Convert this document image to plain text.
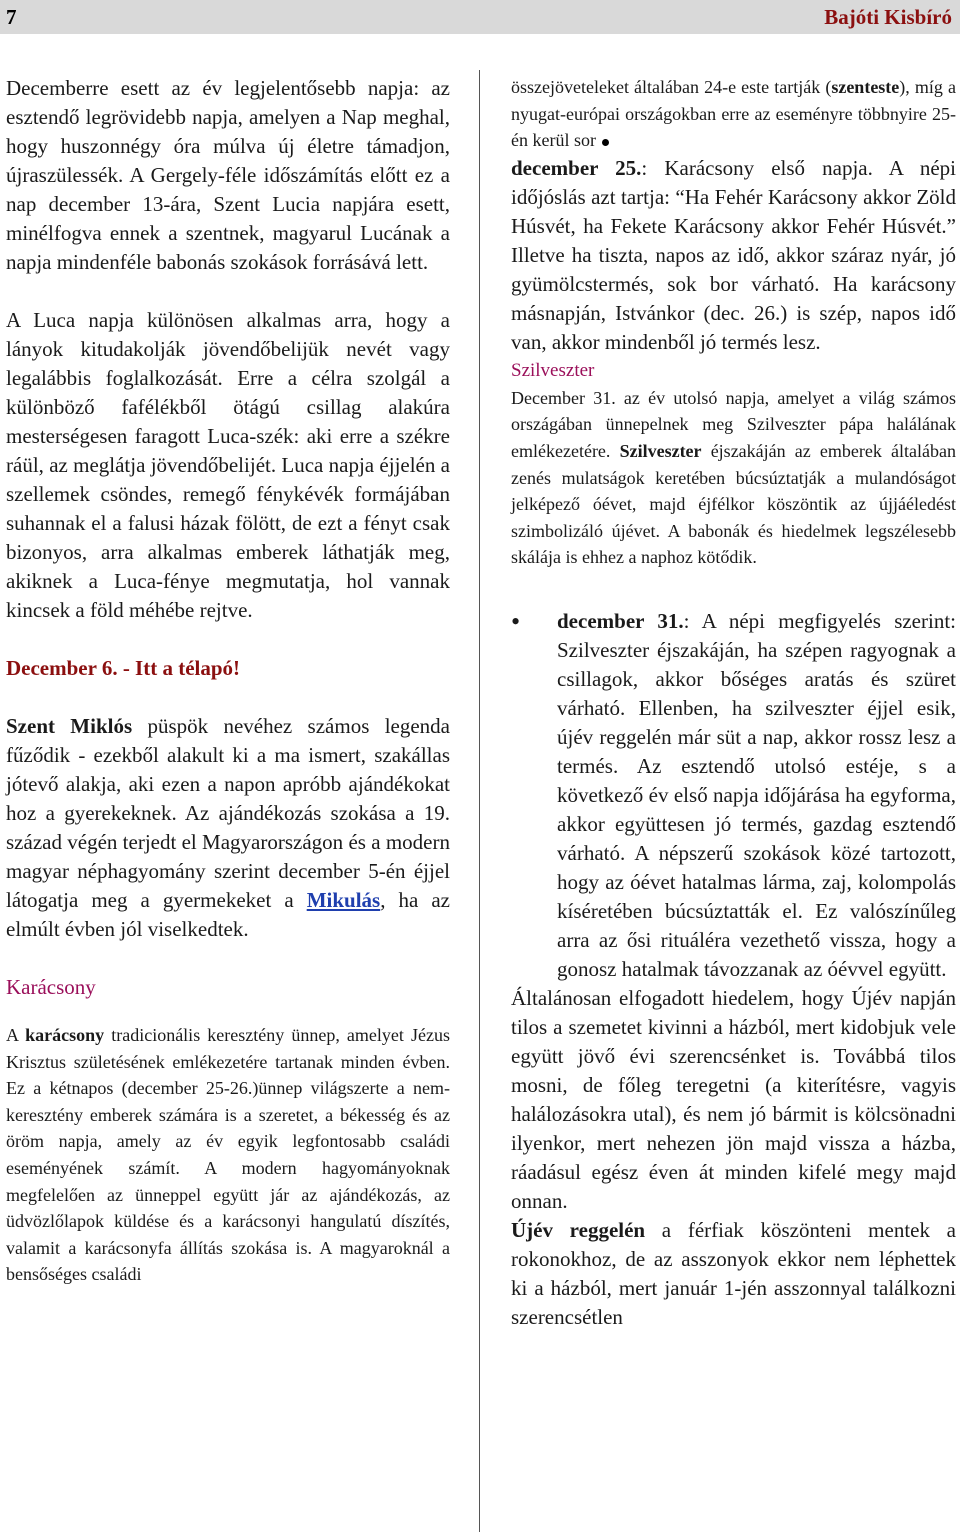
7	Bajóti Kisbíró

Decemberre esett az év legjelentősebb napja: az esztendő legrövidebb napja, amelyen a Nap meghal, hogy huszonnégy óra múlva új életre támadjon, újraszülessék. A Gergely-féle időszámítás előtt ez a nap december 13-ára, Szent Lucia napjára esett, minélfogva ennek a szentnek, magyarul Lucának a napja mindenféle babonás szokások forrásává lett.

A Luca napja különösen alkalmas arra, hogy a lányok kitudakolják jövendőbelijük nevét vagy legalábbis foglalkozását. Erre a célra szolgál a különböző fafélékből ötágú csillag alakúra mesterségesen faragott Luca-szék: aki erre a székre ráül, az meglátja jövendőbelijét. Luca napja éjjelén a szellemek csöndes, remegő fénykévék formájában suhannak el a falusi házak fölött, de ezt a fényt csak bizonyos, arra alkalmas emberek láthatják meg, akiknek a Luca-fénye megmutatja, hol vannak kincsek a föld méhébe rejtve.

December 6. - Itt a télapó!

Szent Miklós püspök nevéhez számos legenda fűződik - ezekből alakult ki a ma ismert, szakállas jótevő alakja, aki ezen a napon apróbb ajándékokat hoz a gyerekeknek. Az ajándékozás szokása a 19. század végén terjedt el Magyarországon és a modern magyar néphagyomány szerint december 5-én éjjel látogatja meg a gyermekeket a Mikulás, ha az elmúlt évben jól viselkedtek.

Karácsony

A karácsony tradicionális keresztény ünnep, amelyet Jézus Krisztus születésének emlékezetére tartanak minden évben. Ez a kétnapos (december 25-26.)ünnep világszerte a nem-keresztény emberek számára is a szeretet, a békesség és az öröm napja, amely az év egyik legfontosabb családi eseményének számít. A modern hagyományoknak megfelelően az ünneppel együtt jár az ajándékozás, az üdvözlőlapok küldése és a karácsonyi hangulatú díszítés, valamit a karácsonyfa állítás szokása is. A magyaroknál a bensőséges családi

összejöveteleket általában 24-e este tartják (szenteste), míg a nyugat-európai országokban erre az eseményre többnyire 25-én kerül sor

december 25.: Karácsony első napja. A népi időjóslás azt tartja: “Ha Fehér Karácsony akkor Zöld Húsvét, ha Fekete Karácsony akkor Fehér Húsvét.” Illetve ha tiszta, napos az idő, akkor száraz nyár, jó gyümölcstermés, sok bor várható. Ha karácsony másnapján, Istvánkor (dec. 26.) is szép, napos idő van, akkor mindenből jó termés lesz.

Szilveszter

December 31. az év utolsó napja, amelyet a világ számos országában ünnepelnek meg Szilveszter pápa halálának emlékezetére. Szilveszter éjszakáján az emberek általában zenés mulatságok keretében búcsúztatják a mulandóságot jelképező óévet, majd éjfélkor köszöntik az újjáéledést szimbolizáló újévet. A babonák és hiedelmek legszélesebb skálája is ehhez a naphoz kötődik.

• december 31.: A népi megfigyelés szerint: Szilveszter éjszakáján, ha szépen ragyognak a csillagok, akkor bőséges aratás és szüret várható. Ellenben, ha szilveszter éjjel esik, újév reggelén már süt a nap, akkor rossz lesz a termés. Az esztendő utolsó estéje, s a következő év első napja időjárása ha egyforma, akkor együttesen jó termés, gazdag esztendő várható. A népszerű szokások közé tartozott, hogy az óévet hatalmas lárma, zaj, kolompolás kíséretében búcsúztatták el. Ez valószínűleg arra az ősi rituáléra vezethető vissza, hogy a gonosz hatalmak távozzanak az óévvel együtt.

Általánosan elfogadott hiedelem, hogy Újév napján tilos a szemetet kivinni a házból, mert kidobjuk vele együtt jövő évi szerencsénket is. Továbbá tilos mosni, de főleg teregetni (a kiterítésre, vagyis halálozásokra utal), és nem jó bármit is kölcsönadni ilyenkor, mert nehezen jön majd vissza a házba, ráadásul egész éven át minden kifelé megy majd onnan.

Újév reggelén a férfiak köszönteni mentek a rokonokhoz, de az asszonyok ekkor nem léphettek ki a házból, mert január 1-jén asszonnyal találkozni szerencsétlen
